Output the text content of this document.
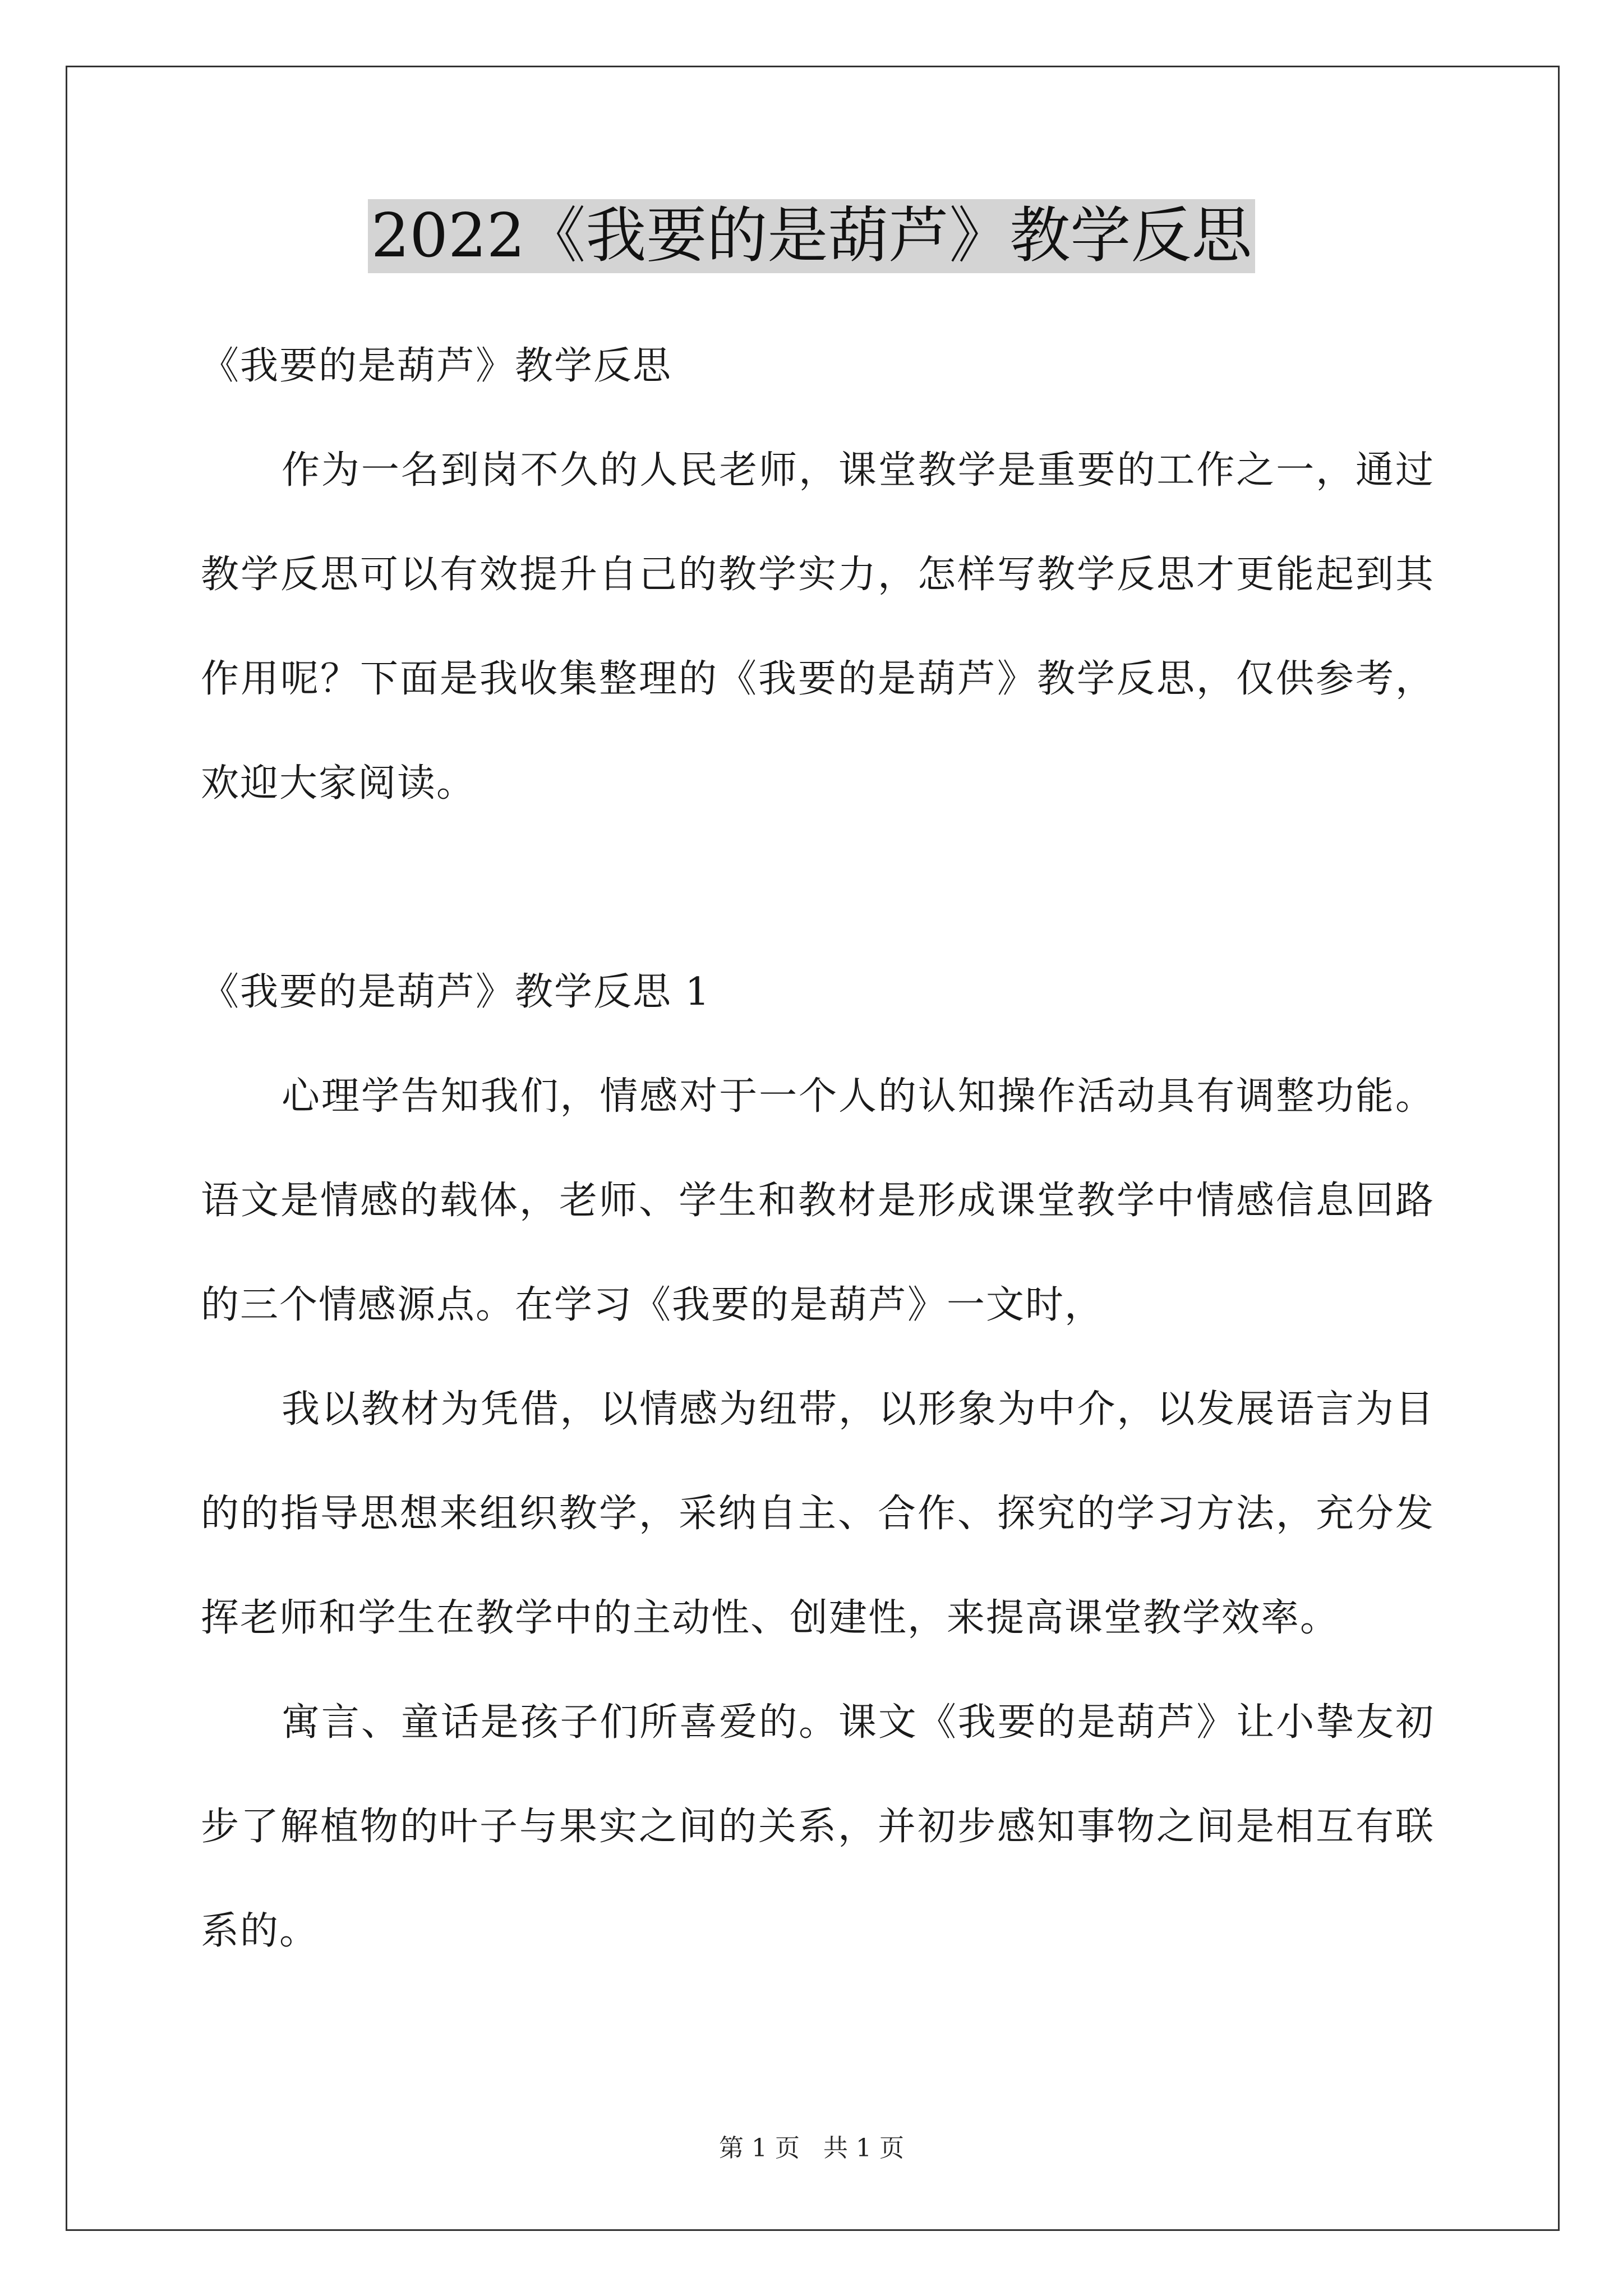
2022《我要的是葫芦》教学反思

《我要的是葫芦》教学反思

作为一名到岗不久的人民老师，课堂教学是重要的工作之一，通过教学反思可以有效提升自己的教学实力，怎样写教学反思才更能起到其作用呢？下面是我收集整理的《我要的是葫芦》教学反思，仅供参考，欢迎大家阅读。

《我要的是葫芦》教学反思 1

心理学告知我们，情感对于一个人的认知操作活动具有调整功能。语文是情感的载体，老师、学生和教材是形成课堂教学中情感信息回路的三个情感源点。在学习《我要的是葫芦》一文时，

我以教材为凭借，以情感为纽带，以形象为中介，以发展语言为目的的指导思想来组织教学，采纳自主、合作、探究的学习方法，充分发挥老师和学生在教学中的主动性、创建性，来提高课堂教学效率。

寓言、童话是孩子们所喜爱的。课文《我要的是葫芦》让小挚友初步了解植物的叶子与果实之间的关系，并初步感知事物之间是相互有联系的。

第 1 页 共 1 页
